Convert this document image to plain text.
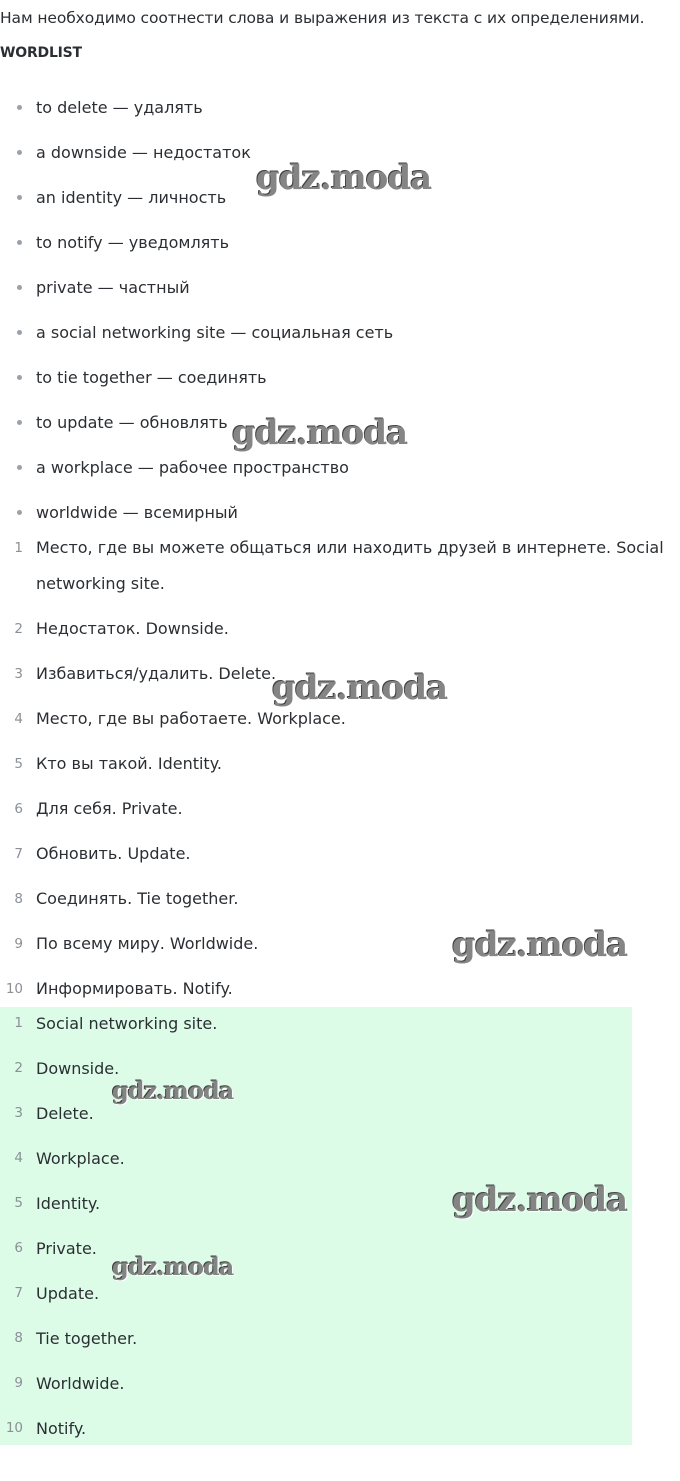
Нам необходимо соотнести слова и выражения из текста с их определениями.
WORDLIST
to delete — удалять
a downside — недостаток
an identity — личность
to notify — уведомлять
private — частный
a social networking site — социальная сеть
to tie together — соединять
to update — обновлять
a workplace — рабочее пространство
worldwide — всемирный
1 Место, где вы можете общаться или находить друзей в интернете. Social networking site.
2 Недостаток. Downside.
3 Избавиться/удалить. Delete.
4 Место, где вы работаете. Workplace.
5 Кто вы такой. Identity.
6 Для себя. Private.
7 Обновить. Update.
8 Соединять. Tie together.
9 По всему миру. Worldwide.
10 Информировать. Notify.
1 Social networking site.
2 Downside.
3 Delete.
4 Workplace.
5 Identity.
6 Private.
7 Update.
8 Tie together.
9 Worldwide.
10 Notify.
gdz.moda
gdz.moda
gdz.moda
gdz.moda
gdz.moda
gdz.moda
gdz.moda
